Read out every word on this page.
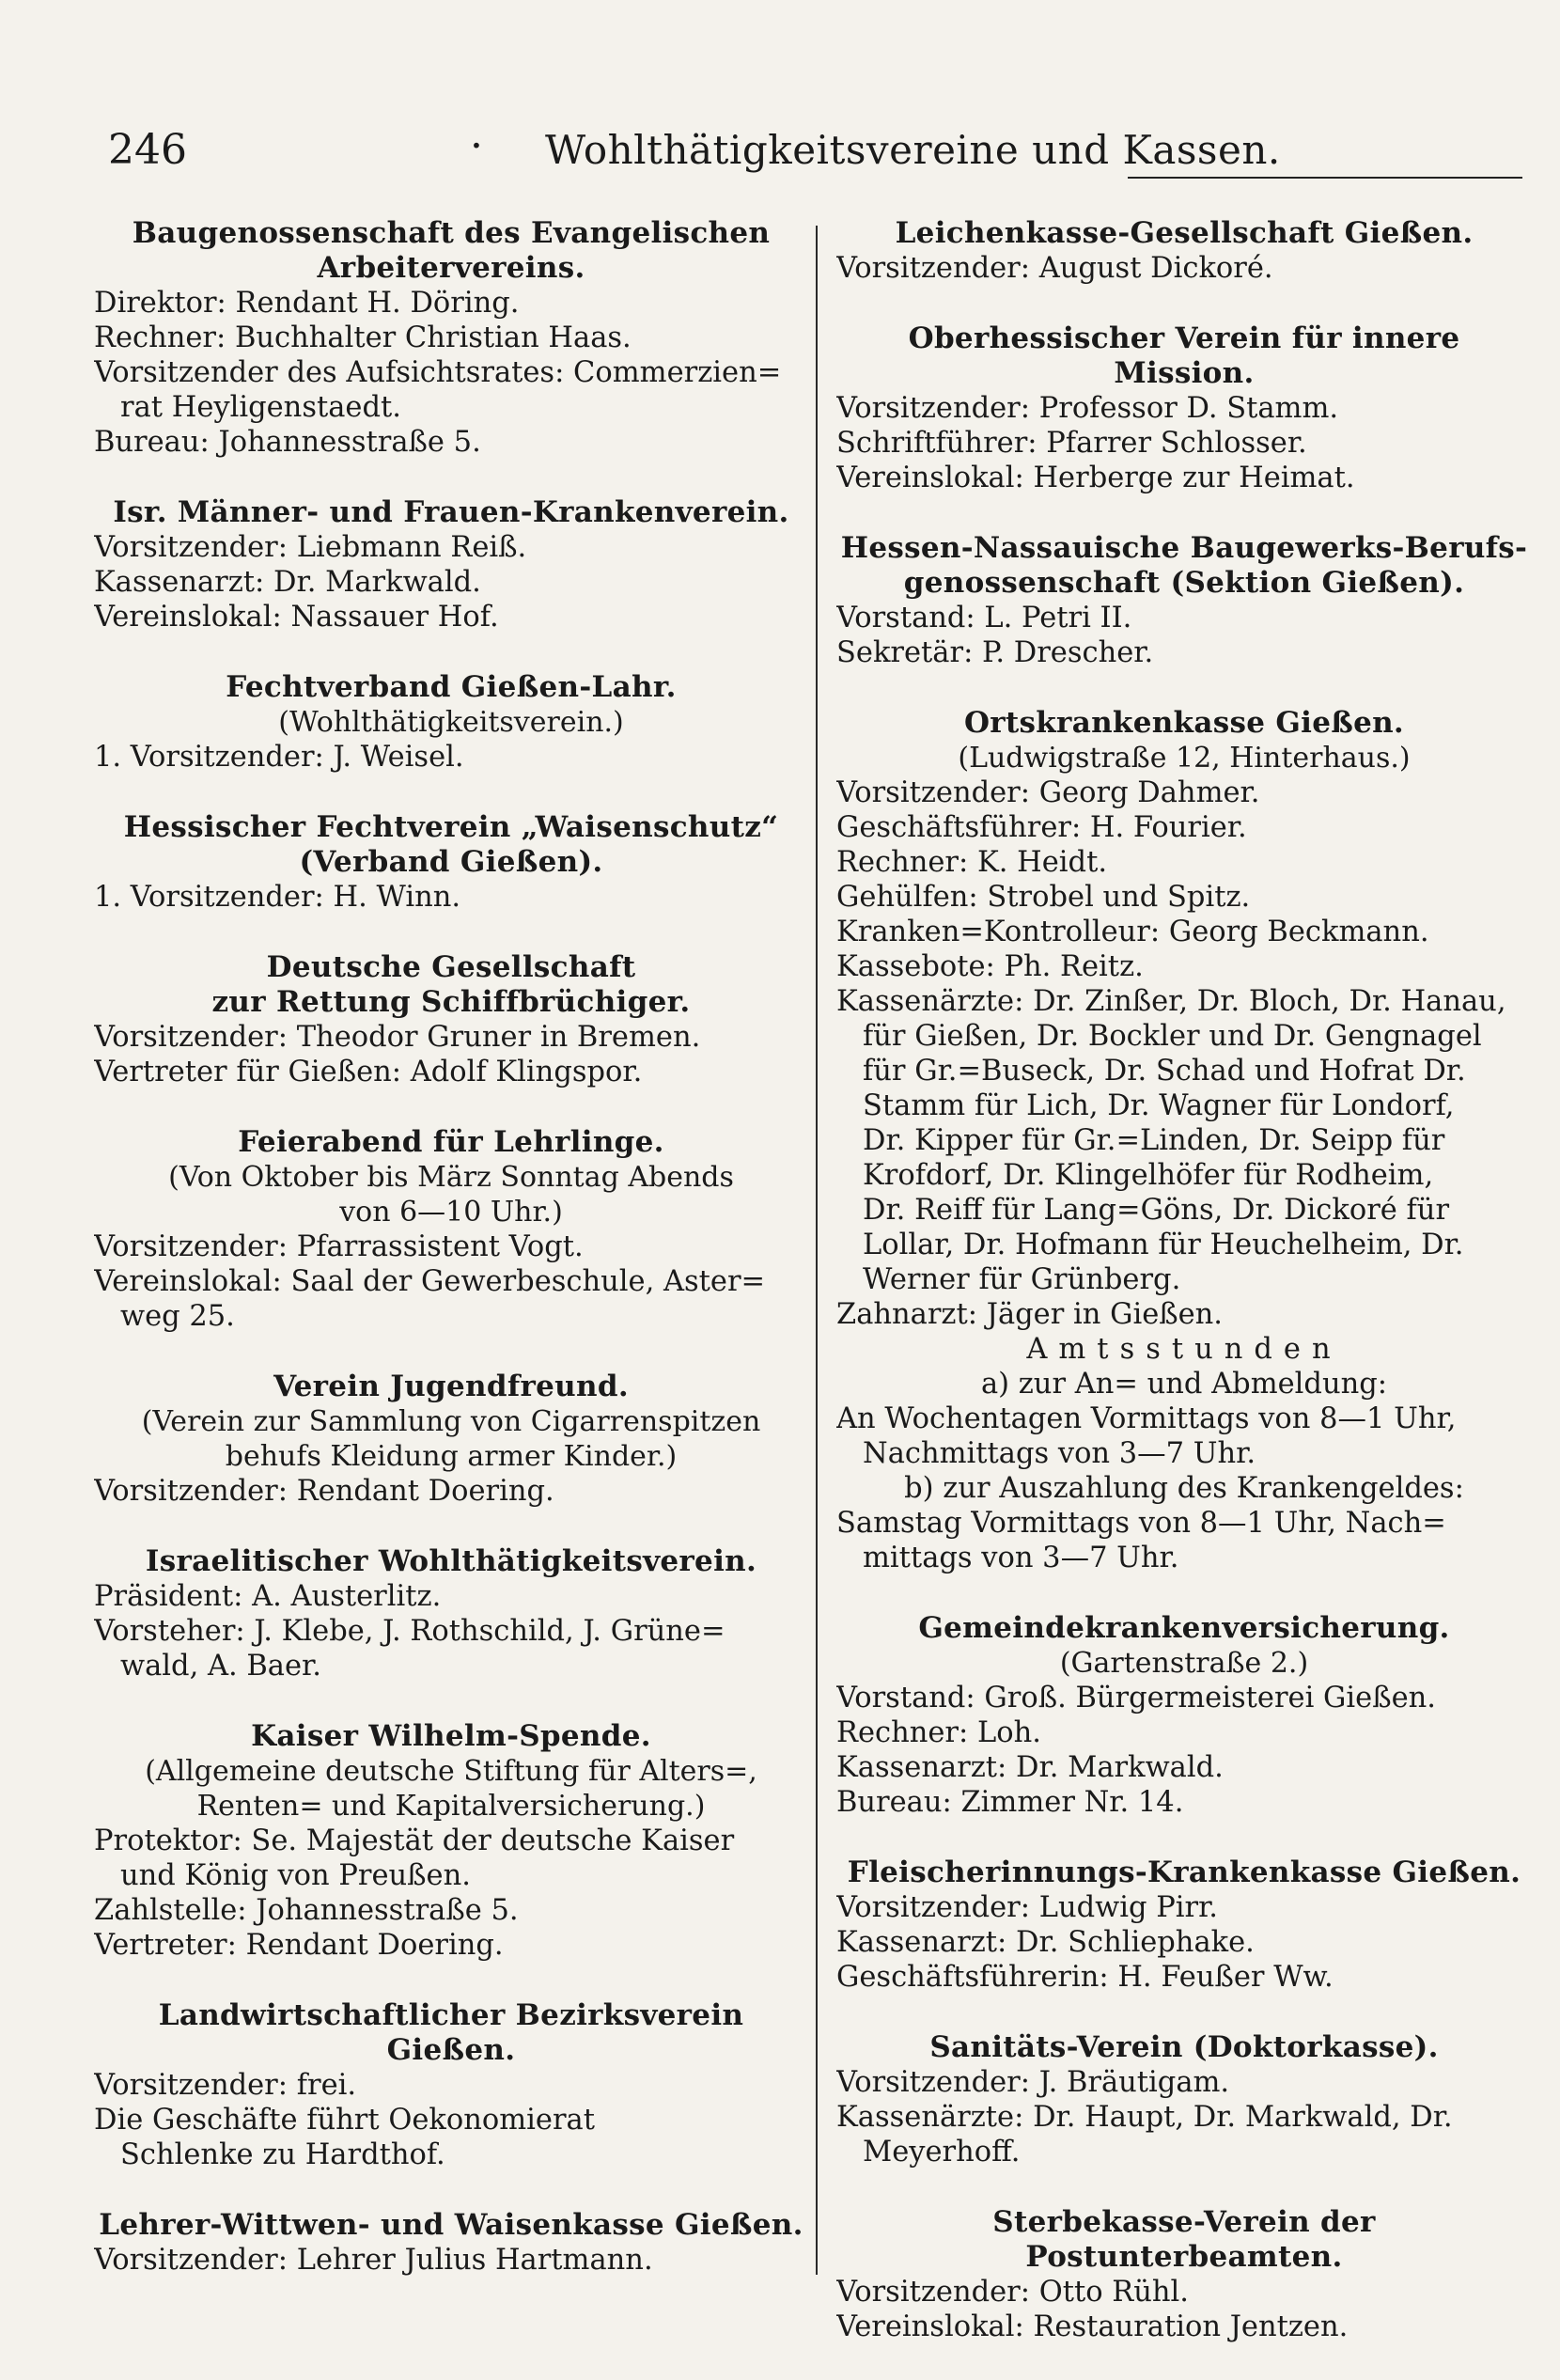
246	· Wohlthätigkeitsvereine und Kassen.
Baugenossenschaft des Evangelischen
Arbeitervereins.
Direktor: Rendant H. Döring.
Rechner: Buchhalter Christian Haas.
Vorsitzender des Aufsichtsrates: Commerzien=
rat Heyligenstaedt.
Bureau: Johannesstraße 5.
Isr. Männer- und Frauen-Krankenverein.
Vorsitzender: Liebmann Reiß.
Kassenarzt: Dr. Markwald.
Vereinslokal: Nassauer Hof.
Fechtverband Gießen-Lahr.
(Wohlthätigkeitsverein.)
1. Vorsitzender: J. Weisel.
Hessischer Fechtverein „Waisenschutz“
(Verband Gießen).
1. Vorsitzender: H. Winn.
Deutsche Gesellschaft
zur Rettung Schiffbrüchiger.
Vorsitzender: Theodor Gruner in Bremen.
Vertreter für Gießen: Adolf Klingspor.
Feierabend für Lehrlinge.
(Von Oktober bis März Sonntag Abends
von 6—10 Uhr.)
Vorsitzender: Pfarrassistent Vogt.
Vereinslokal: Saal der Gewerbeschule, Aster=
weg 25.
Verein Jugendfreund.
(Verein zur Sammlung von Cigarrenspitzen
behufs Kleidung armer Kinder.)
Vorsitzender: Rendant Doering.
Israelitischer Wohlthätigkeitsverein.
Präsident: A. Austerlitz.
Vorsteher: J. Klebe, J. Rothschild, J. Grüne=
wald, A. Baer.
Kaiser Wilhelm-Spende.
(Allgemeine deutsche Stiftung für Alters=,
Renten= und Kapitalversicherung.)
Protektor: Se. Majestät der deutsche Kaiser
und König von Preußen.
Zahlstelle: Johannesstraße 5.
Vertreter: Rendant Doering.
Landwirtschaftlicher Bezirksverein Gießen.
Vorsitzender: frei.
Die Geschäfte führt Oekonomierat
Schlenke zu Hardthof.
Lehrer-Wittwen- und Waisenkasse Gießen.
Vorsitzender: Lehrer Julius Hartmann.
Leichenkasse-Gesellschaft Gießen.
Vorsitzender: August Dickoré.
Oberhessischer Verein für innere Mission.
Vorsitzender: Professor D. Stamm.
Schriftführer: Pfarrer Schlosser.
Vereinslokal: Herberge zur Heimat.
Hessen-Nassauische Baugewerks-Berufs-
genossenschaft (Sektion Gießen).
Vorstand: L. Petri II.
Sekretär: P. Drescher.
Ortskrankenkasse Gießen.
(Ludwigstraße 12, Hinterhaus.)
Vorsitzender: Georg Dahmer.
Geschäftsführer: H. Fourier.
Rechner: K. Heidt.
Gehülfen: Strobel und Spitz.
Kranken=Kontrolleur: Georg Beckmann.
Kassebote: Ph. Reitz.
Kassenärzte: Dr. Zinßer, Dr. Bloch, Dr. Hanau,
für Gießen, Dr. Bockler und Dr. Gengnagel
für Gr.=Buseck, Dr. Schad und Hofrat Dr.
Stamm für Lich, Dr. Wagner für Londorf,
Dr. Kipper für Gr.=Linden, Dr. Seipp für
Krofdorf, Dr. Klingelhöfer für Rodheim,
Dr. Reiff für Lang=Göns, Dr. Dickoré für
Lollar, Dr. Hofmann für Heuchelheim, Dr.
Werner für Grünberg.
Zahnarzt: Jäger in Gießen.
Amtsstunden
a) zur An= und Abmeldung:
An Wochentagen Vormittags von 8—1 Uhr,
Nachmittags von 3—7 Uhr.
b) zur Auszahlung des Krankengeldes:
Samstag Vormittags von 8—1 Uhr, Nach=
mittags von 3—7 Uhr.
Gemeindekrankenversicherung.
(Gartenstraße 2.)
Vorstand: Groß. Bürgermeisterei Gießen.
Rechner: Loh.
Kassenarzt: Dr. Markwald.
Bureau: Zimmer Nr. 14.
Fleischerinnungs-Krankenkasse Gießen.
Vorsitzender: Ludwig Pirr.
Kassenarzt: Dr. Schliephake.
Geschäftsführerin: H. Feußer Ww.
Sanitäts-Verein (Doktorkasse).
Vorsitzender: J. Bräutigam.
Kassenärzte: Dr. Haupt, Dr. Markwald, Dr.
Meyerhoff.
Sterbekasse-Verein der Postunterbeamten.
Vorsitzender: Otto Rühl.
Vereinslokal: Restauration Jentzen.
